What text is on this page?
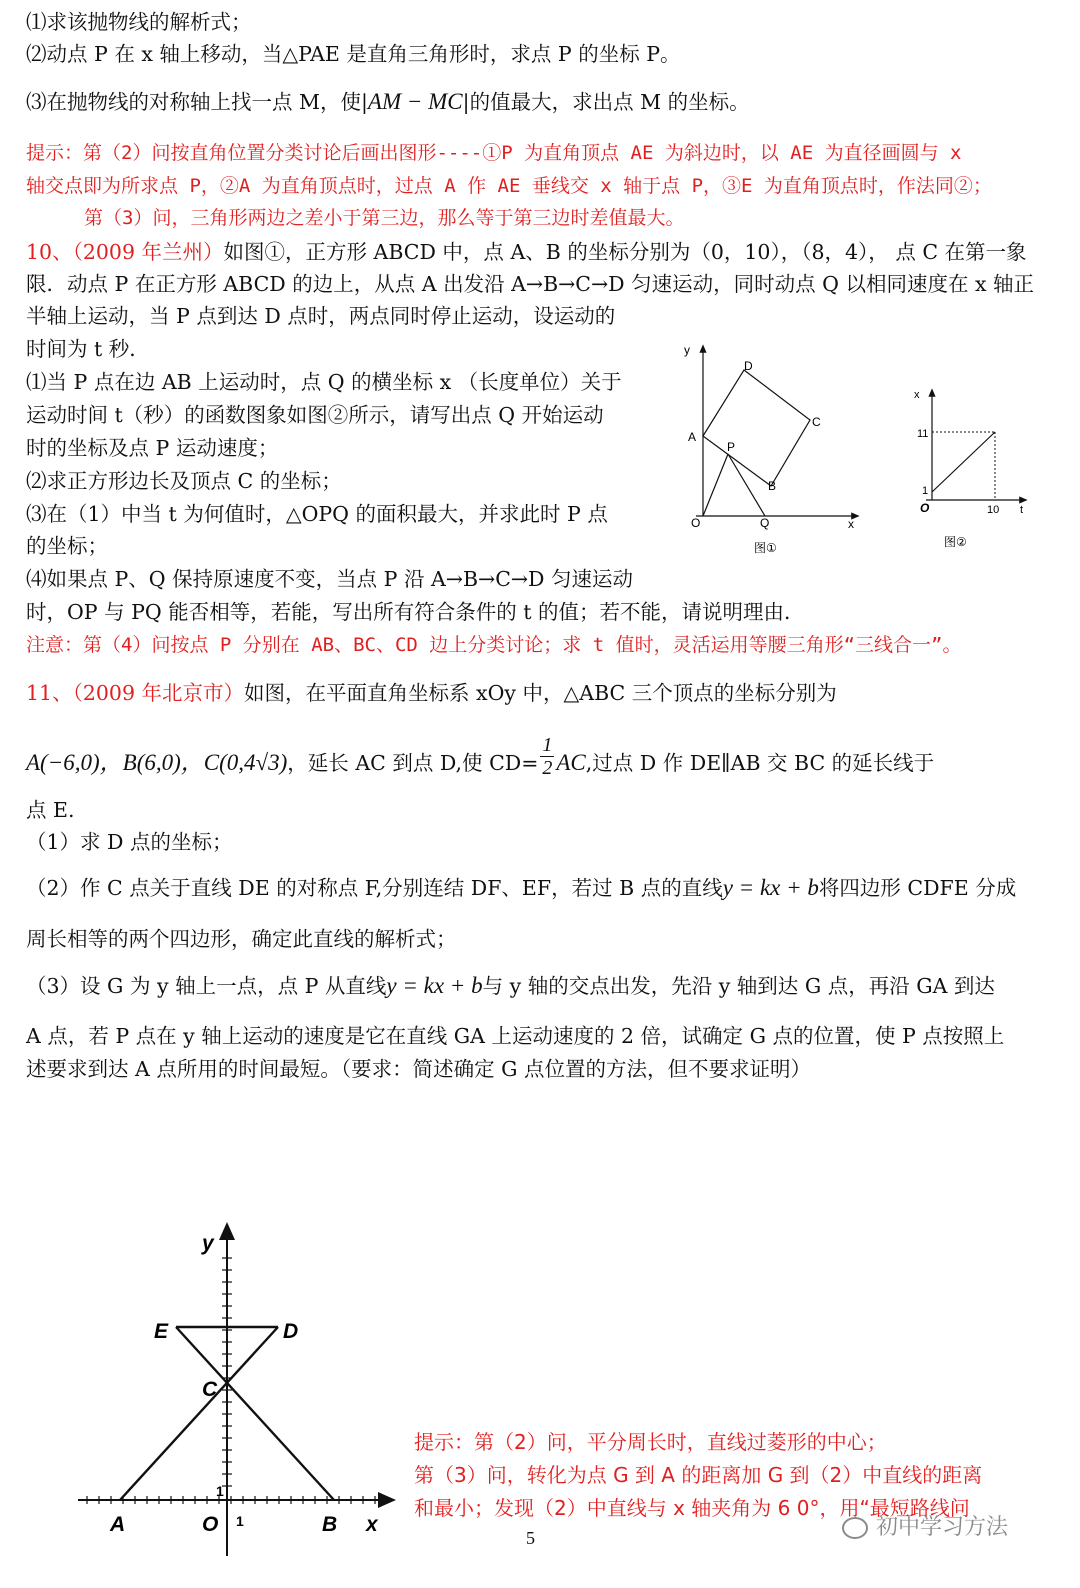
⑴求该抛物线的解析式；
⑵动点 P 在 x 轴上移动，当△PAE 是直角三角形时，求点 P 的坐标 P。
⑶在抛物线的对称轴上找一点 M，使|AM − MC|的值最大，求出点 M 的坐标。
提示：第（2）问按直角位置分类讨论后画出图形----①P 为直角顶点 AE 为斜边时，以 AE 为直径画圆与 x
轴交点即为所求点 P，②A 为直角顶点时，过点 A 作 AE 垂线交 x 轴于点 P，③E 为直角顶点时，作法同②；
第（3）问，三角形两边之差小于第三边，那么等于第三边时差值最大。
10、（2009 年兰州）如图①，正方形 ABCD 中，点 A、B 的坐标分别为（0，10），（8，4）， 点 C 在第一象
限．动点 P 在正方形 ABCD 的边上，从点 A 出发沿 A→B→C→D 匀速运动，同时动点 Q 以相同速度在 x 轴正
半轴上运动，当 P 点到达 D 点时，两点同时停止运动，设运动的
时间为 t 秒．
⑴当 P 点在边 AB 上运动时，点 Q 的横坐标 x （长度单位）关于
运动时间 t（秒）的函数图象如图②所示，请写出点 Q 开始运动
时的坐标及点 P 运动速度；
⑵求正方形边长及顶点 C 的坐标；
⑶在（1）中当 t 为何值时，△OPQ 的面积最大，并求此时 P 点
的坐标；
⑷如果点 P、Q 保持原速度不变，当点 P 沿 A→B→C→D 匀速运动
时，OP 与 PQ 能否相等，若能，写出所有符合条件的 t 的值；若不能，请说明理由．
注意：第（4）问按点 P 分别在 AB、BC、CD 边上分类讨论；求 t 值时，灵活运用等腰三角形“三线合一”。
y
D
C
A
P
B
O	Q	x
图①
x
11
1
O	10 t
图②
11、（2009 年北京市）如图，在平面直角坐标系 xOy 中，△ABC 三个顶点的坐标分别为
A(−6,0)，B(6,0)，C(0,4√3)，延长 AC 到点 D,使 $CD= \frac{1}{2}$ AC,过点 D 作 DE∥AB 交 BC 的延长线于
点 E.
（1）求 D 点的坐标；
（2）作 C 点关于直线 DE 的对称点 F,分别连结 DF、EF，若过 B 点的直线y = kx + b将四边形 CDFE 分成
周长相等的两个四边形，确定此直线的解析式；
（3）设 G 为 y 轴上一点，点 P 从直线y = kx + b与 y 轴的交点出发，先沿 y 轴到达 G 点，再沿 GA 到达
A 点，若 P 点在 y 轴上运动的速度是它在直线 GA 上运动速度的 2 倍，试确定 G 点的位置，使 P 点按照上
述要求到达 A 点所用的时间最短。（要求：简述确定 G 点位置的方法，但不要求证明）
y
E	D
C
A	O
1
1	B x
提示：第（2）问，平分周长时，直线过菱形的中心；
第（3）问，转化为点 G 到 A 的距离加 G 到（2）中直线的距离
和最小；发现（2）中直线与 x 轴夹角为 6 0°，用“最短路线问
5	初中学习方法
